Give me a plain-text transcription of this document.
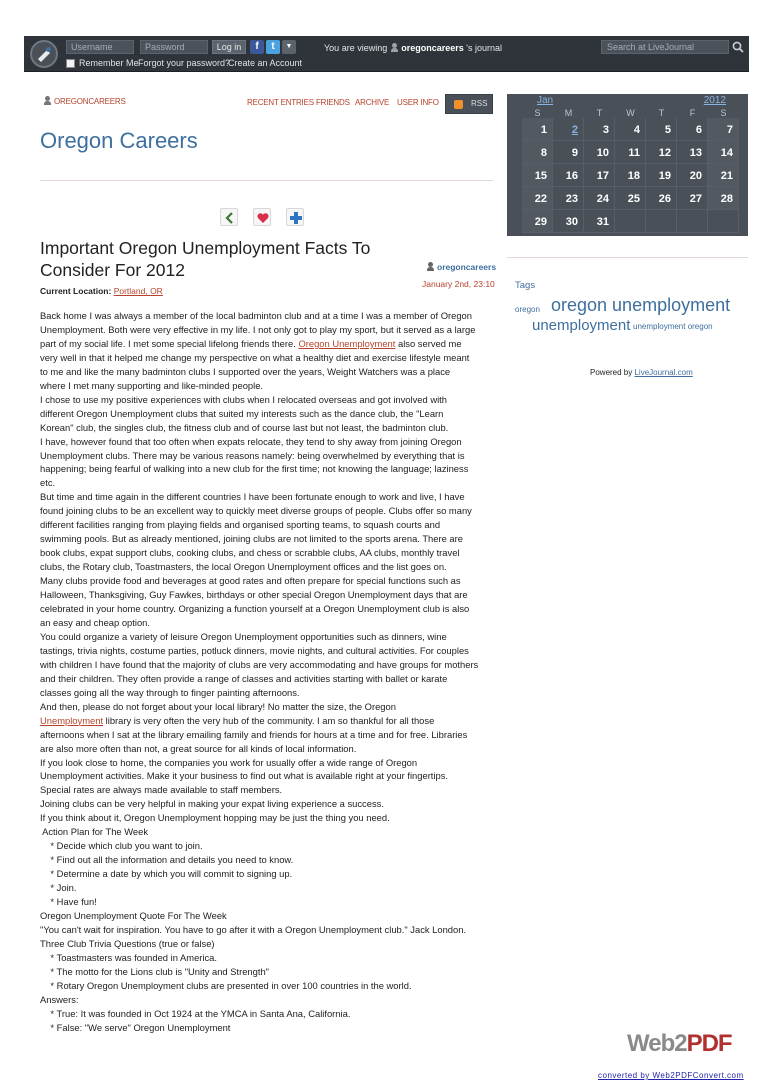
Username	Password	Log in	f	t	▼
Remember Me Forgot your password?
Create an Account
You are viewing oregoncareers 's journal	Search at LiveJournal
OREGONCAREERS	RECENT ENTRIES FRIENDS ARCHIVE USER INFO	RSS
Oregon Careers
Important Oregon Unemployment Facts To
Consider For 2012	oregoncareers
January 2nd, 23:10
Current Location: Portland, OR

Back home I was always a member of the local badminton club and at a time I was a member of Oregon

Unemployment. Both were very effective in my life. I not only got to play my sport, but it served as a large

part of my social life. I met some special lifelong friends there. Oregon Unemployment also served me

very well in that it helped me change my perspective on what a healthy diet and exercise lifestyle meant

to me and like the many badminton clubs I supported over the years, Weight Watchers was a place

where I met many supporting and like-minded people.

I chose to use my positive experiences with clubs when I relocated overseas and got involved with

different Oregon Unemployment clubs that suited my interests such as the dance club, the "Learn

Korean" club, the singles club, the fitness club and of course last but not least, the badminton club.

I have, however found that too often when expats relocate, they tend to shy away from joining Oregon

Unemployment clubs. There may be various reasons namely: being overwhelmed by everything that is

happening; being fearful of walking into a new club for the first time; not knowing the language; laziness

etc.

But time and time again in the different countries I have been fortunate enough to work and live, I have

found joining clubs to be an excellent way to quickly meet diverse groups of people. Clubs offer so many

different facilities ranging from playing fields and organised sporting teams, to squash courts and

swimming pools. But as already mentioned, joining clubs are not limited to the sports arena. There are

book clubs, expat support clubs, cooking clubs, and chess or scrabble clubs, AA clubs, monthly travel

clubs, the Rotary club, Toastmasters, the local Oregon Unemployment offices and the list goes on.

Many clubs provide food and beverages at good rates and often prepare for special functions such as

Halloween, Thanksgiving, Guy Fawkes, birthdays or other special Oregon Unemployment days that are

celebrated in your home country. Organizing a function yourself at a Oregon Unemployment club is also

an easy and cheap option.

You could organize a variety of leisure Oregon Unemployment opportunities such as dinners, wine

tastings, trivia nights, costume parties, potluck dinners, movie nights, and cultural activities. For couples

with children I have found that the majority of clubs are very accommodating and have groups for mothers

and their children. They often provide a range of classes and activities starting with ballet or karate

classes going all the way through to finger painting afternoons.

And then, please do not forget about your local library! No matter the size, the Oregon

Unemployment library is very often the very hub of the community. I am so thankful for all those

afternoons when I sat at the library emailing family and friends for hours at a time and for free. Libraries

are also more often than not, a great source for all kinds of local information.

If you look close to home, the companies you work for usually offer a wide range of Oregon

Unemployment activities. Make it your business to find out what is available right at your fingertips.

Special rates are always made available to staff members.

Joining clubs can be very helpful in making your expat living experience a success.

If you think about it, Oregon Unemployment hopping may be just the thing you need.

Action Plan for The Week

* Decide which club you want to join.

* Find out all the information and details you need to know.

* Determine a date by which you will commit to signing up.

* Join.

* Have fun!

Oregon Unemployment Quote For The Week

"You can't wait for inspiration. You have to go after it with a Oregon Unemployment club." Jack London.

Three Club Trivia Questions (true or false)

* Toastmasters was founded in America.

* The motto for the Lions club is "Unity and Strength"

* Rotary Oregon Unemployment clubs are presented in over 100 countries in the world.

Answers:

* True: It was founded in Oct 1924 at the YMCA in Santa Ana, California.

* False: "We serve" Oregon Unemployment

Jan	2012
S	M	T	W	T	F	S
1	2	3	4	5	6	7
8	9	10	11	12	13	14
15	16	17	18	19	20	21
22	23	24	25	26	27	28
29	30	31
Tags
oregon oregon unemployment
unemployment unemployment oregon
Powered by LiveJournal.com
Web2PDF
converted by Web2PDFConvert.com
